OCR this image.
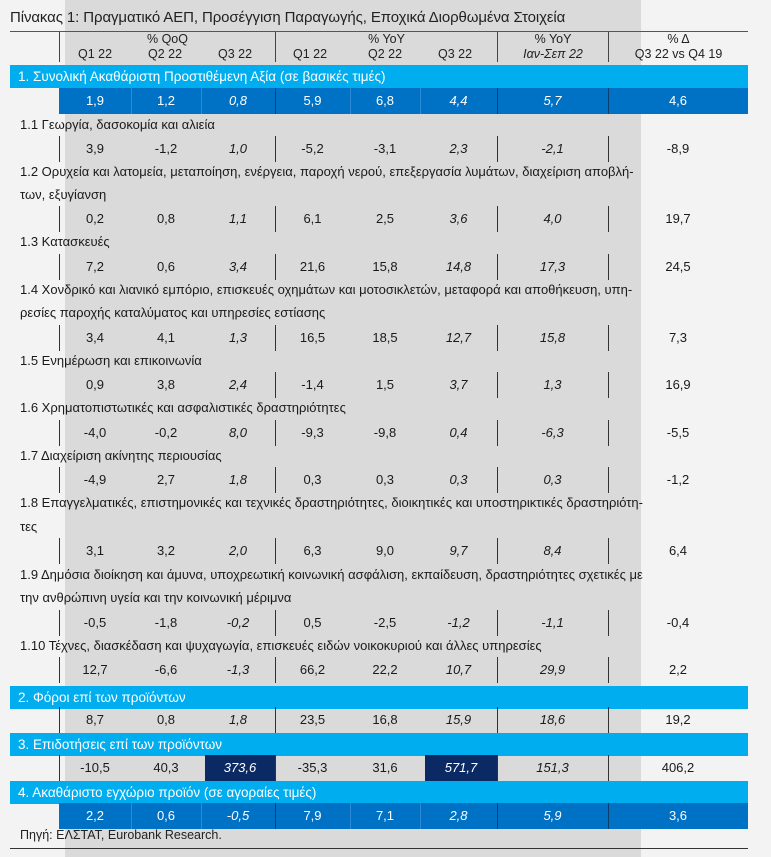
Πίνακας 1: Πραγματικό ΑΕΠ, Προσέγγιση Παραγωγής, Εποχικά Διορθωμένα Στοιχεία
% QoQ	% YoY	% YoY	% Δ
Q1 22	Q2 22	Q3 22	Q1 22	Q2 22	Q3 22	Ιαν-Σεπ 22	Q3 22 vs Q4 19
1. Συνολική Ακαθάριστη Προστιθέμενη Αξία (σε βασικές τιμές)
1,9	1,2	0,8	5,9	6,8	4,4	5,7	4,6
1.1 Γεωργία, δασοκομία και αλιεία
3,9	-1,2	1,0	-5,2	-3,1	2,3	-2,1	-8,9
1.2 Ορυχεία και λατομεία, μεταποίηση, ενέργεια, παροχή νερού, επεξεργασία λυμάτων, διαχείριση αποβλή-
των, εξυγίανση
0,2	0,8	1,1	6,1	2,5	3,6	4,0	19,7
1.3 Κατασκευές
7,2	0,6	3,4	21,6	15,8	14,8	17,3	24,5
1.4 Χονδρικό και λιανικό εμπόριο, επισκευές οχημάτων και μοτοσικλετών, μεταφορά και αποθήκευση, υπη-
ρεσίες παροχής καταλύματος και υπηρεσίες εστίασης
3,4	4,1	1,3	16,5	18,5	12,7	15,8	7,3
1.5 Ενημέρωση και επικοινωνία
0,9	3,8	2,4	-1,4	1,5	3,7	1,3	16,9
1.6 Χρηματοπιστωτικές και ασφαλιστικές δραστηριότητες
-4,0	-0,2	8,0	-9,3	-9,8	0,4	-6,3	-5,5
1.7 Διαχείριση ακίνητης περιουσίας
-4,9	2,7	1,8	0,3	0,3	0,3	0,3	-1,2
1.8 Επαγγελματικές, επιστημονικές και τεχνικές δραστηριότητες, διοικητικές και υποστηρικτικές δραστηριότη-
τες
3,1	3,2	2,0	6,3	9,0	9,7	8,4	6,4
1.9 Δημόσια διοίκηση και άμυνα, υποχρεωτική κοινωνική ασφάλιση, εκπαίδευση, δραστηριότητες σχετικές με
την ανθρώπινη υγεία και την κοινωνική μέριμνα
-0,5	-1,8	-0,2	0,5	-2,5	-1,2	-1,1	-0,4
1.10 Τέχνες, διασκέδαση και ψυχαγωγία, επισκευές ειδών νοικοκυριού και άλλες υπηρεσίες
12,7	-6,6	-1,3	66,2	22,2	10,7	29,9	2,2
2. Φόροι επί των προϊόντων
8,7	0,8	1,8	23,5	16,8	15,9	18,6	19,2
3. Επιδοτήσεις επί των προϊόντων
-10,5	40,3	373,6	-35,3	31,6	571,7	151,3	406,2
4. Ακαθάριστο εγχώριο προϊόν (σε αγοραίες τιμές)
2,2	0,6	-0,5	7,9	7,1	2,8	5,9	3,6
Πηγή: ΕΛΣΤΑΤ, Eurobank Research.
